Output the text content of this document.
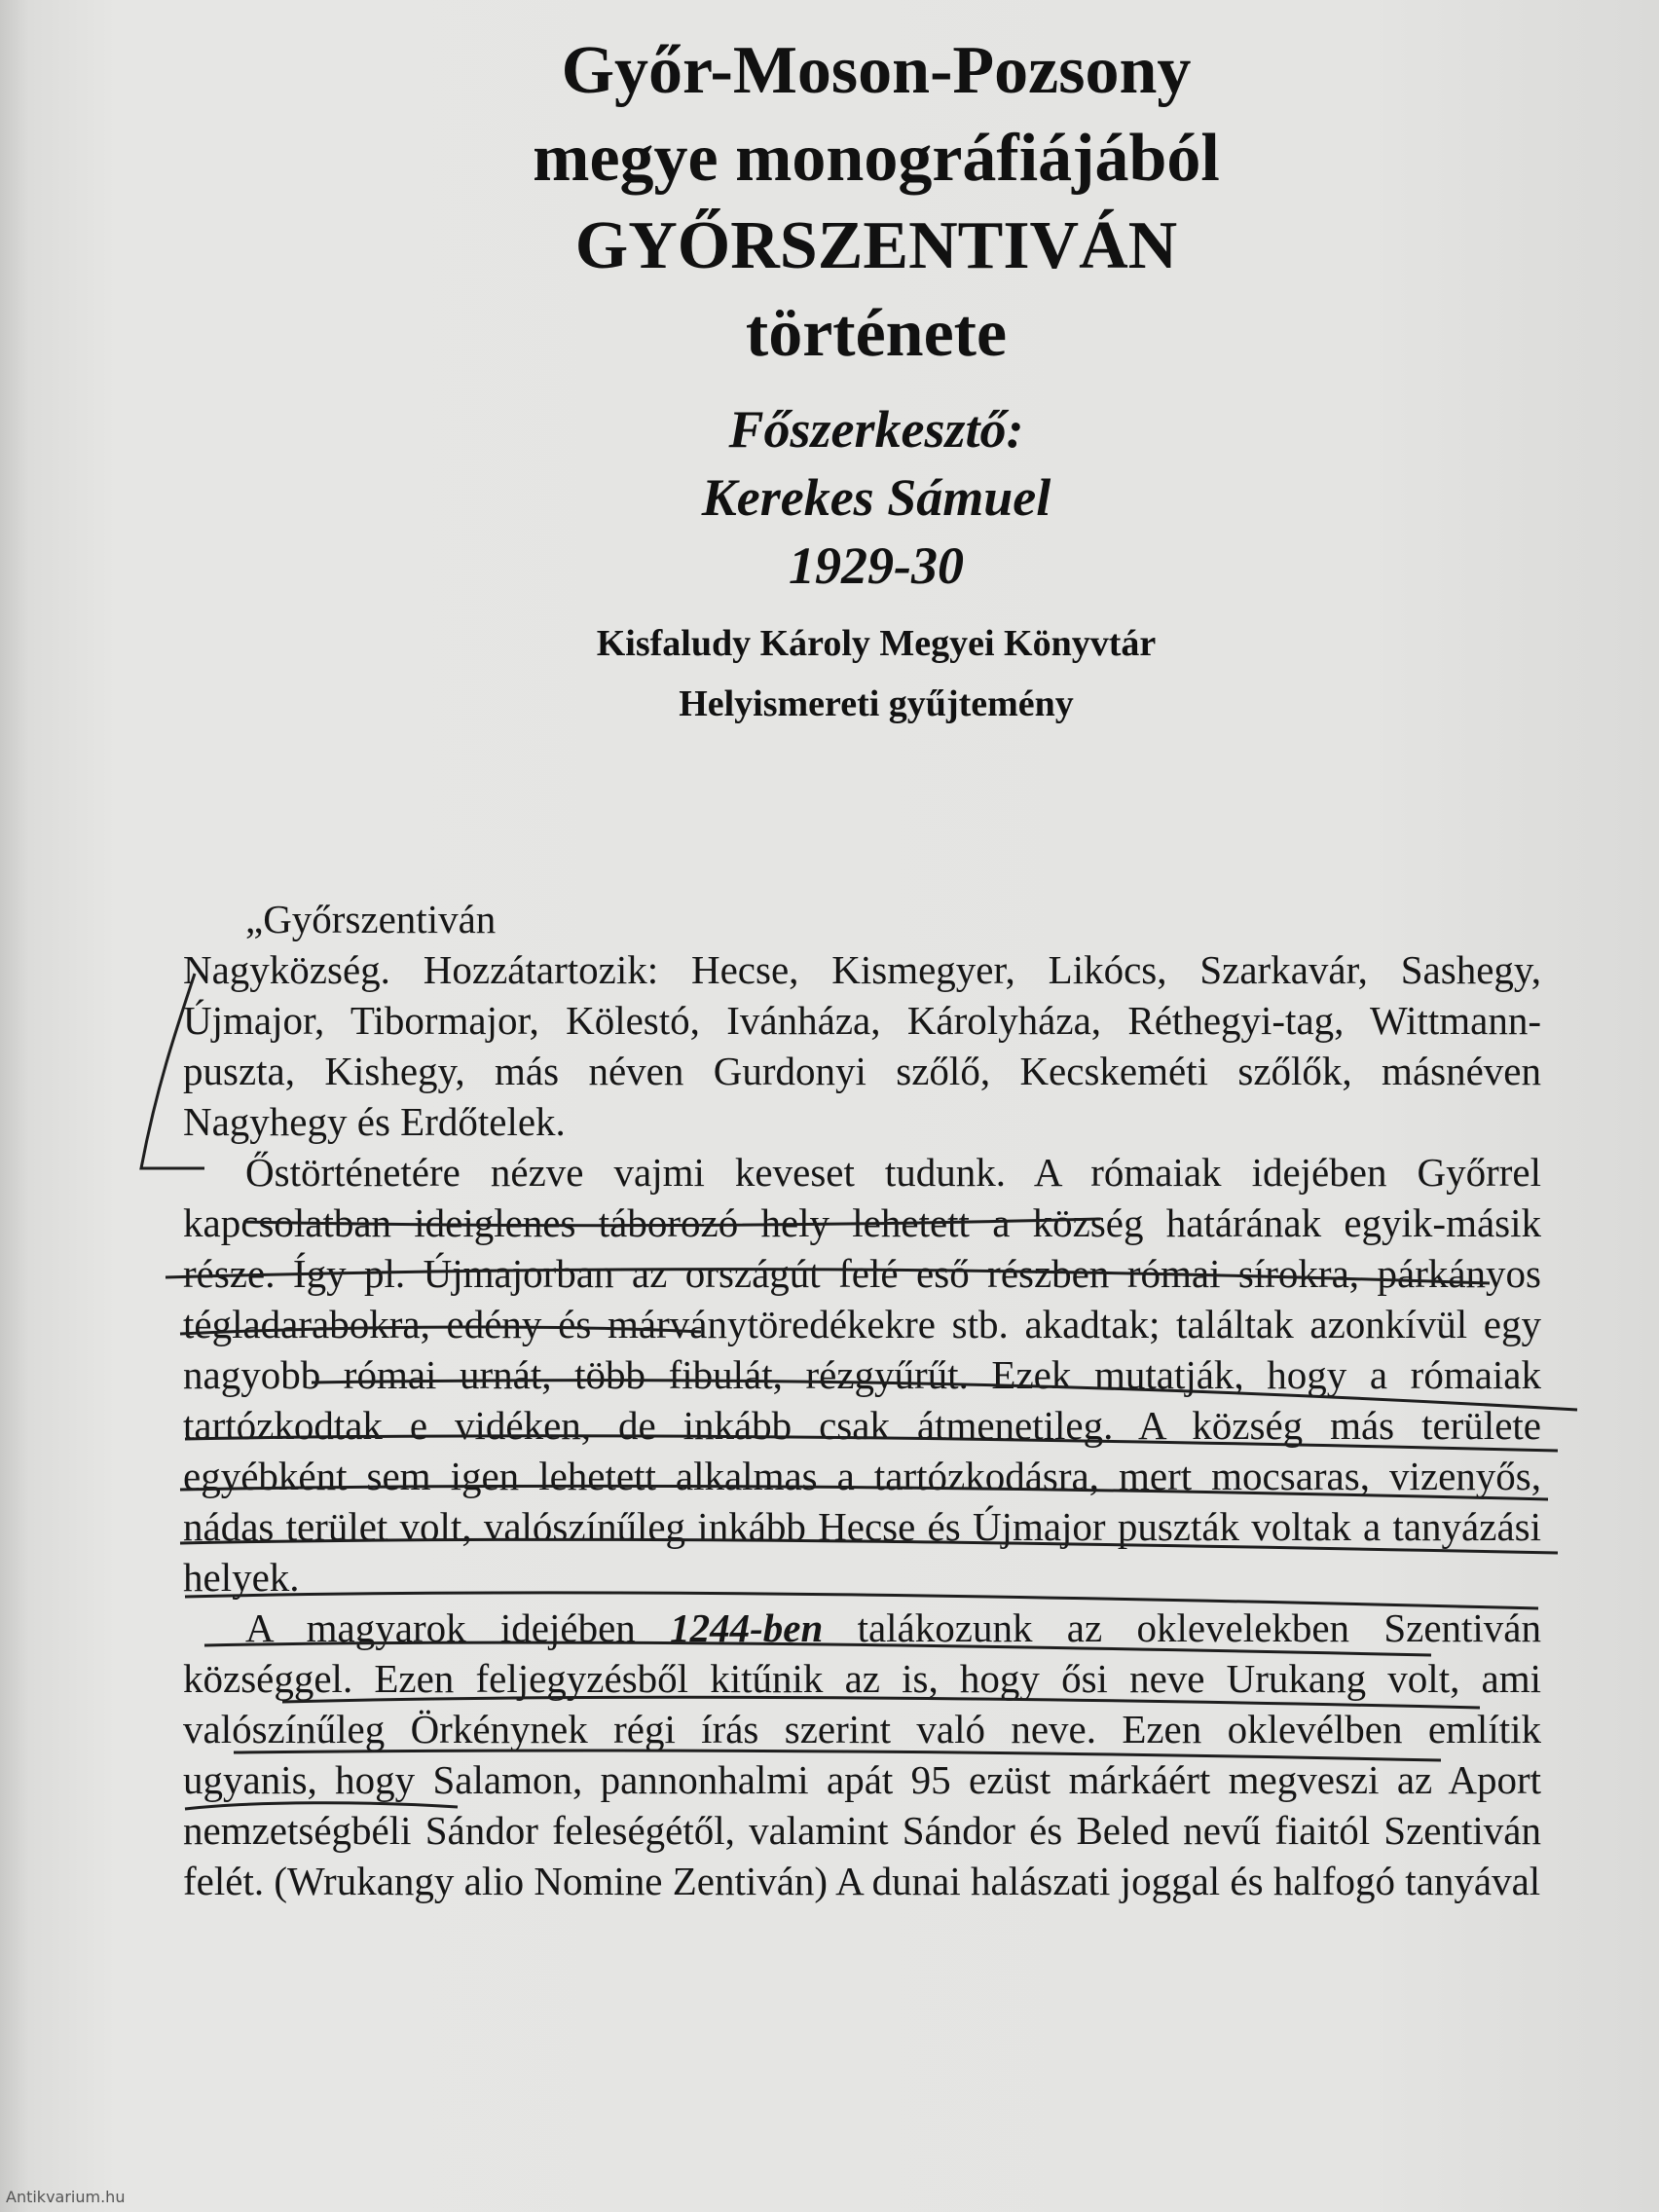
Győr-Moson-Pozsony
megye monográfiájából
GYŐRSZENTIVÁN
története
Főszerkesztő:
Kerekes Sámuel
1929-30
Kisfaludy Károly Megyei Könyvtár
Helyismereti gyűjtemény

„Győrszentiván

Nagyközség. Hozzátartozik: Hecse, Kismegyer, Likócs, Szarkavár, Sashegy, Újmajor, Tibormajor, Kölestó, Ivánháza, Károlyháza, Réthegyi-tag, Wittmann-puszta, Kishegy, más néven Gurdonyi szőlő, Kecskeméti szőlők, másnéven Nagyhegy és Erdőtelek.

Őstörténetére nézve vajmi keveset tudunk. A rómaiak idejében Győrrel kapcsolatban ideiglenes táborozó hely lehetett a község határának egyik-másik része. Így pl. Újmajorban az országút felé eső részben római sírokra, párkányos tégladarabokra, edény és márványtöredékekre stb. akadtak; találtak azonkívül egy nagyobb római urnát, több fibulát, rézgyűrűt. Ezek mutatják, hogy a rómaiak tartózkodtak e vidéken, de inkább csak átmenetileg. A község más területe egyébként sem igen lehetett alkalmas a tartózkodásra, mert mocsaras, vizenyős, nádas terület volt, valószínűleg inkább Hecse és Újmajor puszták voltak a tanyázási helyek.

A magyarok idejében 1244-ben talákozunk az oklevelekben Szentiván községgel. Ezen feljegyzésből kitűnik az is, hogy ősi neve Urukang volt, ami valószínűleg Örkénynek régi írás szerint való neve. Ezen oklevélben említik ugyanis, hogy Salamon, pannonhalmi apát 95 ezüst márkáért megveszi az Aport nemzetségbéli Sándor feleségétől, valamint Sándor és Beled nevű fiaitól Szentiván felét. (Wrukangy alio Nomine Zentiván) A dunai halászati joggal és halfogó tanyával

Antikvarium.hu
